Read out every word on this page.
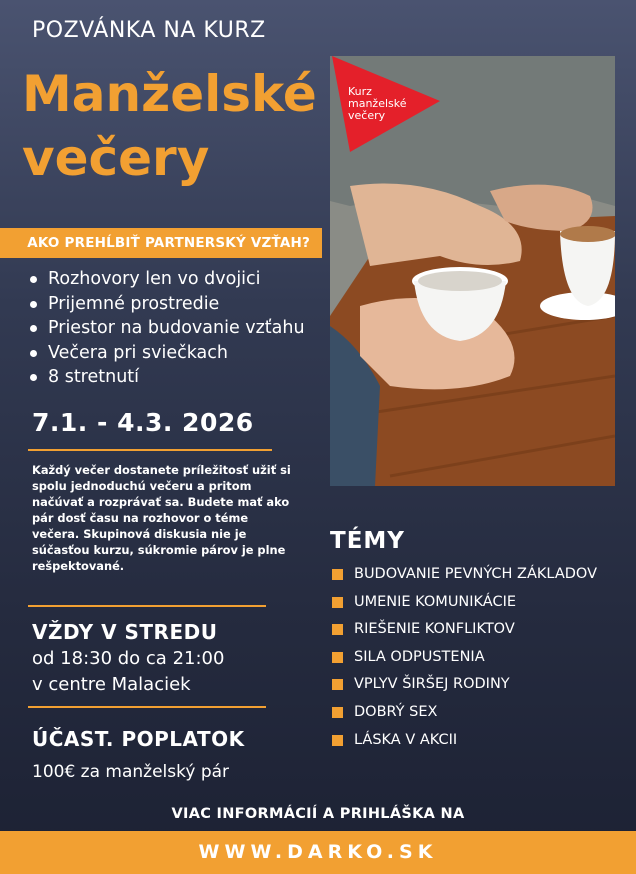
POZVÁNKA NA KURZ
Manželské
večery
AKO PREHĹBIŤ PARTNERSKÝ VZŤAH?
Rozhovory len vo dvojici
Prijemné prostredie
Priestor na budovanie vzťahu
Večera pri sviečkach
8 stretnutí
7.1. - 4.3. 2026
Každý večer dostanete príležitosť užiť si spolu jednoduchú večeru a pritom načúvať a rozprávať sa. Budete mať ako pár dosť času na rozhovor o téme večera. Skupinová diskusia nie je súčasťou kurzu, súkromie párov je plne rešpektované.
VŽDY V STREDU
od 18:30 do ca 21:00
v centre Malaciek
ÚČAST. POPLATOK
100€ za manželský pár
Kurz
manželské
večery
TÉMY
BUDOVANIE PEVNÝCH ZÁKLADOV
UMENIE KOMUNIKÁCIE
RIEŠENIE KONFLIKTOV
SILA ODPUSTENIA
VPLYV ŠIRŠEJ RODINY
DOBRÝ SEX
LÁSKA V AKCII
VIAC INFORMÁCIÍ A PRIHLÁŠKA NA
WWW.DARKO.SK
